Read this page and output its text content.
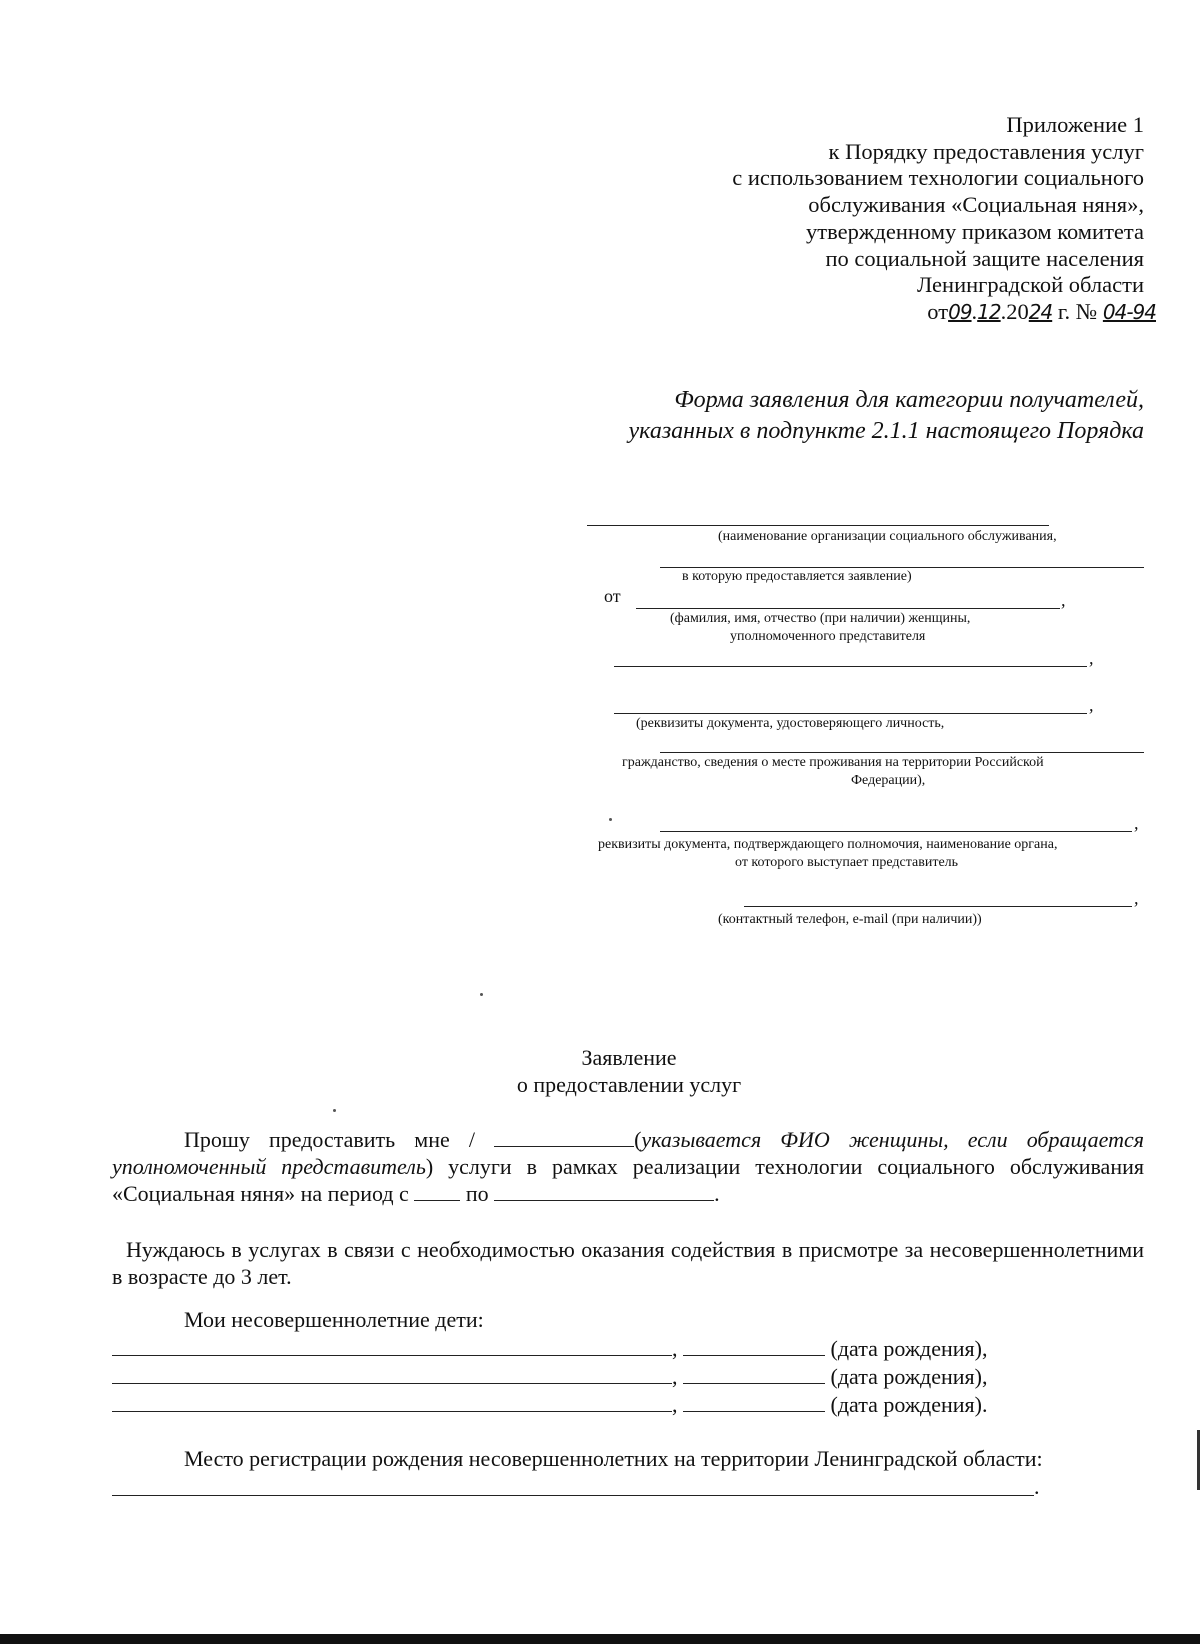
Приложение 1
к Порядку предоставления услуг
с использованием технологии социального
обслуживания «Социальная няня»,
утвержденному приказом комитета
по социальной защите населения
Ленинградской области
от09.12.2024 г. № 04-94
Форма заявления для категории получателей,
указанных в подпункте 2.1.1 настоящего Порядка
(наименование организации социального обслуживания,
в которую предоставляется заявление)
от	,
(фамилия, имя, отчество (при наличии) женщины,
уполномоченного представителя
,
,
(реквизиты документа, удостоверяющего личность,
гражданство, сведения о месте проживания на территории Российской
Федерации),
,
реквизиты документа, подтверждающего полномочия, наименование органа,
от которого выступает представитель
,
(контактный телефон, e-mail (при наличии))
Заявление
о предоставлении услуг
Прошу предоставить мне /	(указывается ФИО женщины, если обращается уполномоченный представитель) услуги в рамках реализации технологии социального обслуживания «Социальная няня» на период с  по	.
Нуждаюсь в услугах в связи с необходимостью оказания содействия в присмотре за несовершеннолетними в возрасте до 3 лет.
Мои несовершеннолетние дети:
,	(дата рождения),
,	(дата рождения),
,	(дата рождения).
Место регистрации рождения несовершеннолетних на территории Ленинградской области:
.
